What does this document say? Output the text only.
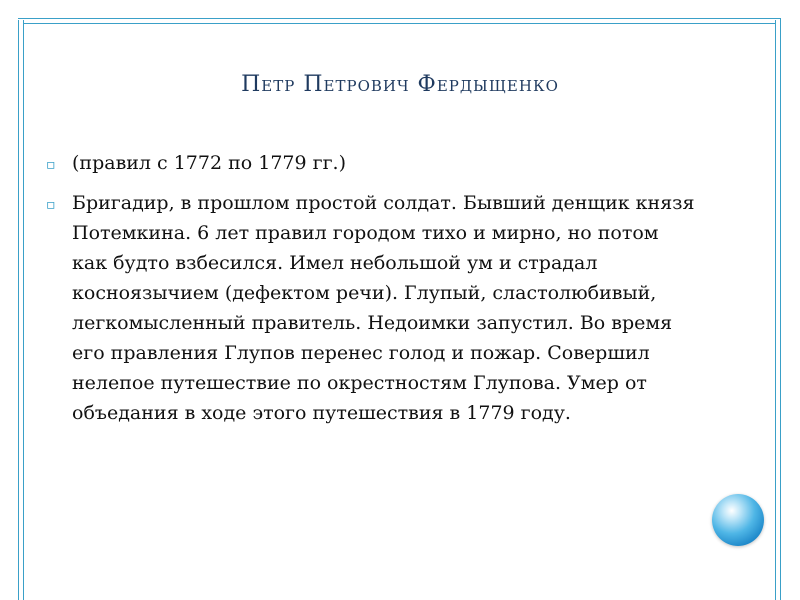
Петр Петрович Фердыщенко
▫ (правил с 1772 по 1779 гг.)
▫ Бригадир, в прошлом простой солдат. Бывший денщик князя Потемкина. 6 лет правил городом тихо и мирно, но потом как будто взбесился. Имел небольшой ум и страдал косноязычием (дефектом речи). Глупый, сластолюбивый, легкомысленный правитель. Недоимки запустил. Во время его правления Глупов перенес голод и пожар. Совершил нелепое путешествие по окрестностям Глупова. Умер от объедания в ходе этого путешествия в 1779 году.
